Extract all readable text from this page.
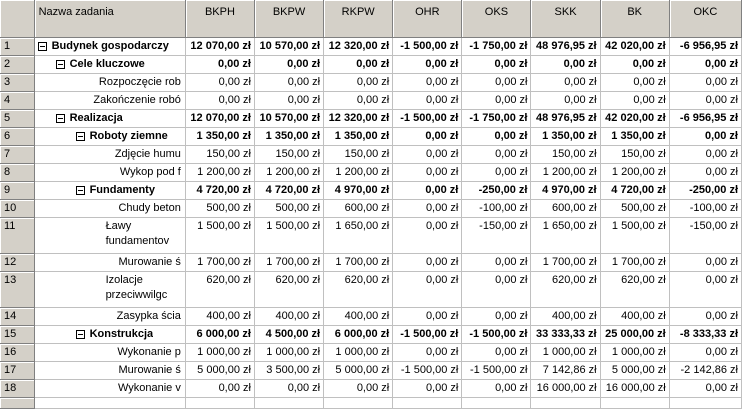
	Nazwa zadania	BKPH	BKPW	RKPW	OHR	OKS	SKK	BK	OKC
1	Budynek gospodarczy	12 070,00 zł	10 570,00 zł	12 320,00 zł	-1 500,00 zł	-1 750,00 zł	48 976,95 zł	42 020,00 zł	-6 956,95 zł
2	Cele kluczowe	0,00 zł	0,00 zł	0,00 zł	0,00 zł	0,00 zł	0,00 zł	0,00 zł	0,00 zł
3	Rozpoczęcie rob	0,00 zł	0,00 zł	0,00 zł	0,00 zł	0,00 zł	0,00 zł	0,00 zł	0,00 zł
4	Zakończenie robó	0,00 zł	0,00 zł	0,00 zł	0,00 zł	0,00 zł	0,00 zł	0,00 zł	0,00 zł
5	Realizacja	12 070,00 zł	10 570,00 zł	12 320,00 zł	-1 500,00 zł	-1 750,00 zł	48 976,95 zł	42 020,00 zł	-6 956,95 zł
6	Roboty ziemne	1 350,00 zł	1 350,00 zł	1 350,00 zł	0,00 zł	0,00 zł	1 350,00 zł	1 350,00 zł	0,00 zł
7	Zdjęcie humu	150,00 zł	150,00 zł	150,00 zł	0,00 zł	0,00 zł	150,00 zł	150,00 zł	0,00 zł
8	Wykop pod f	1 200,00 zł	1 200,00 zł	1 200,00 zł	0,00 zł	0,00 zł	1 200,00 zł	1 200,00 zł	0,00 zł
9	Fundamenty	4 720,00 zł	4 720,00 zł	4 970,00 zł	0,00 zł	-250,00 zł	4 970,00 zł	4 720,00 zł	-250,00 zł
10	Chudy beton	500,00 zł	500,00 zł	600,00 zł	0,00 zł	-100,00 zł	600,00 zł	500,00 zł	-100,00 zł
11	Ławy fundamentov	1 500,00 zł	1 500,00 zł	1 650,00 zł	0,00 zł	-150,00 zł	1 650,00 zł	1 500,00 zł	-150,00 zł
12	Murowanie ś	1 700,00 zł	1 700,00 zł	1 700,00 zł	0,00 zł	0,00 zł	1 700,00 zł	1 700,00 zł	0,00 zł
13	Izolacje przeciwwilgc	620,00 zł	620,00 zł	620,00 zł	0,00 zł	0,00 zł	620,00 zł	620,00 zł	0,00 zł
14	Zasypka ścia	400,00 zł	400,00 zł	400,00 zł	0,00 zł	0,00 zł	400,00 zł	400,00 zł	0,00 zł
15	Konstrukcja	6 000,00 zł	4 500,00 zł	6 000,00 zł	-1 500,00 zł	-1 500,00 zł	33 333,33 zł	25 000,00 zł	-8 333,33 zł
16	Wykonanie p	1 000,00 zł	1 000,00 zł	1 000,00 zł	0,00 zł	0,00 zł	1 000,00 zł	1 000,00 zł	0,00 zł
17	Murowanie ś	5 000,00 zł	3 500,00 zł	5 000,00 zł	-1 500,00 zł	-1 500,00 zł	7 142,86 zł	5 000,00 zł	-2 142,86 zł
18	Wykonanie v	0,00 zł	0,00 zł	0,00 zł	0,00 zł	0,00 zł	16 000,00 zł	16 000,00 zł	0,00 zł
